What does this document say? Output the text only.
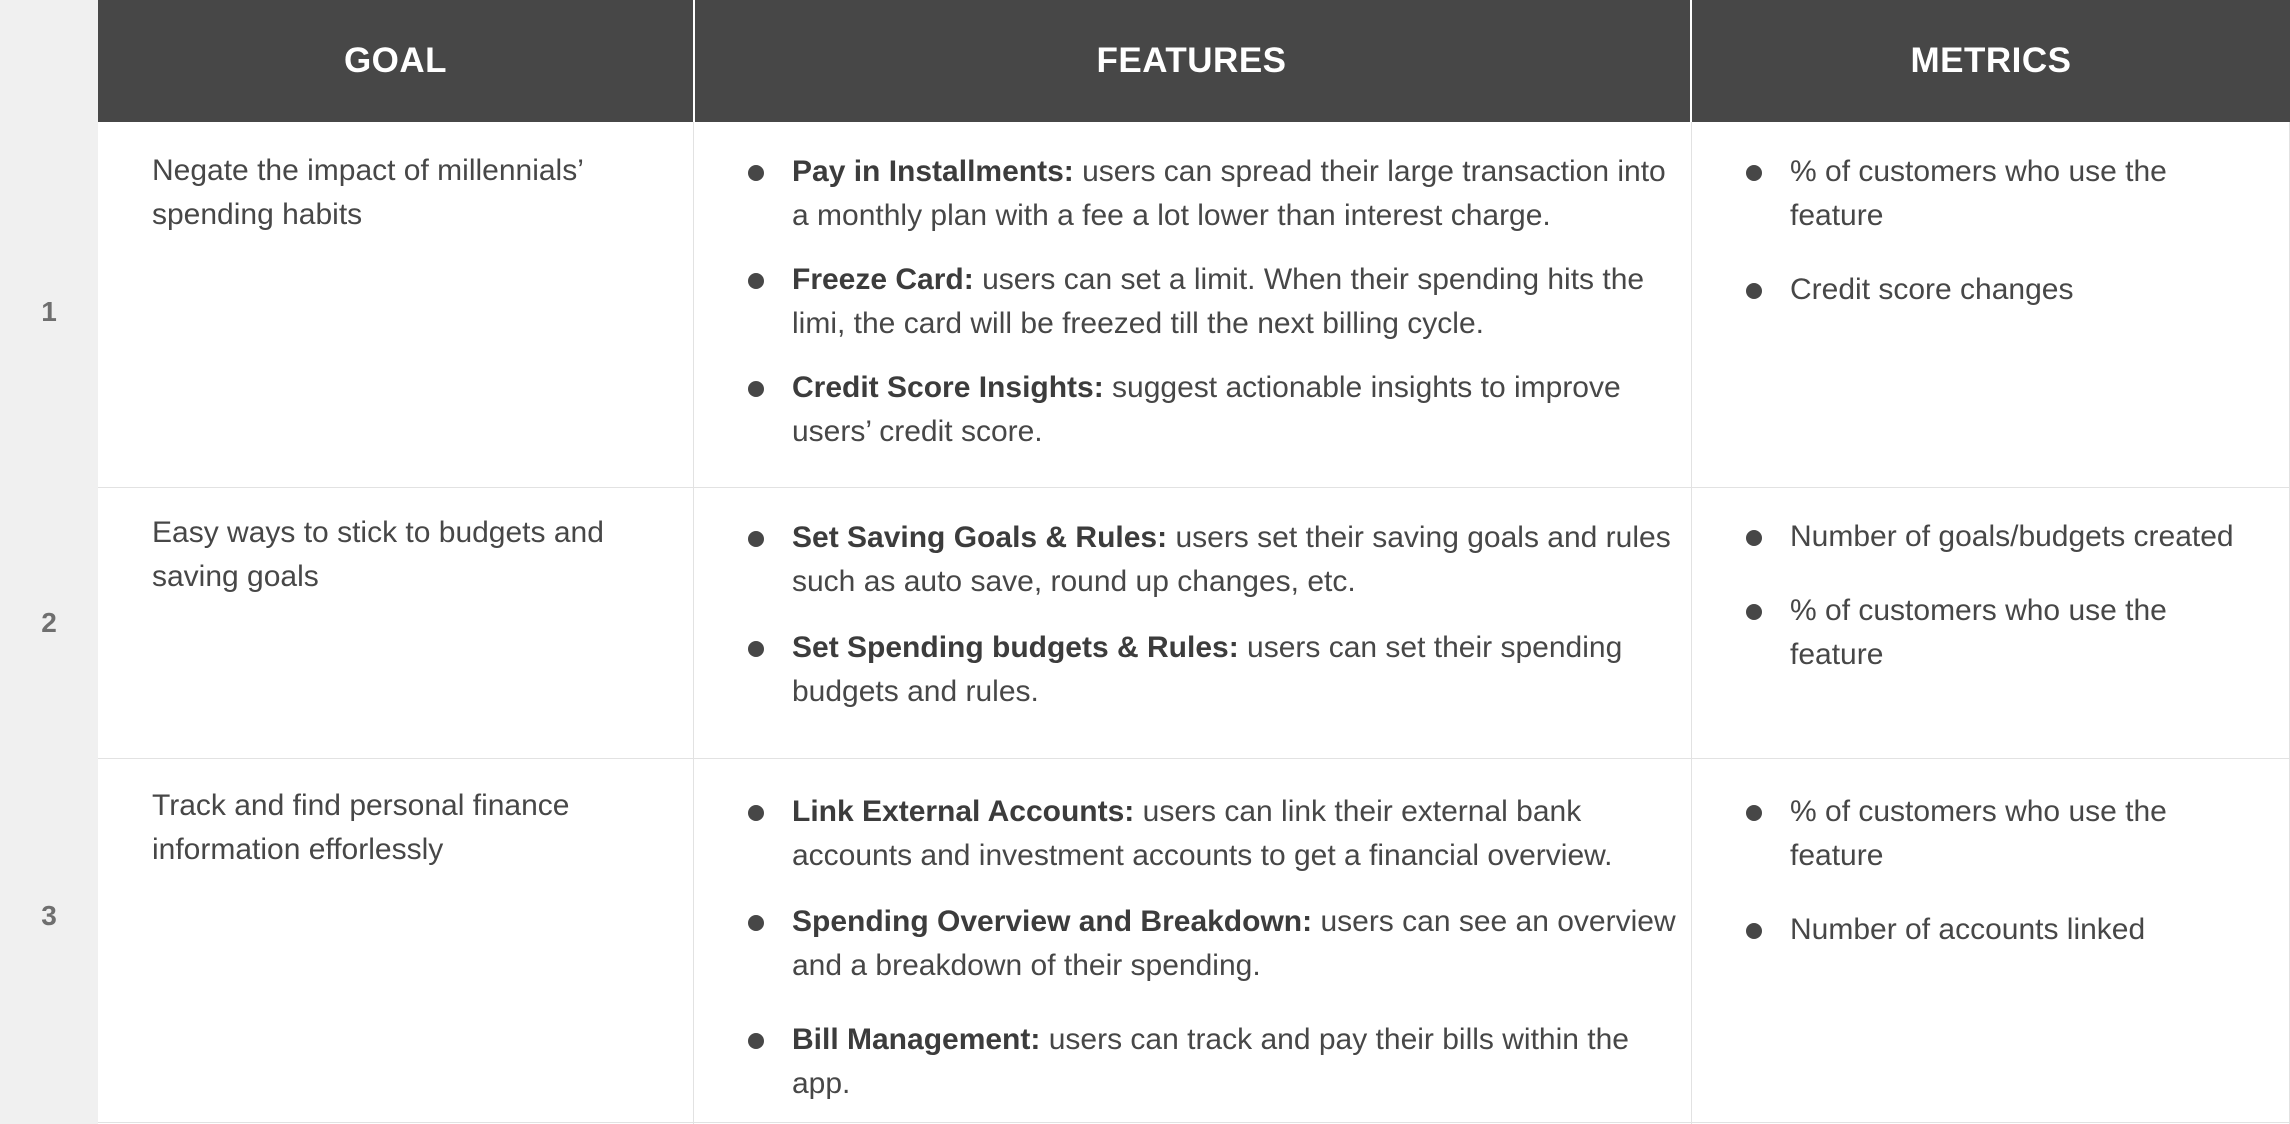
GOAL	FEATURES	METRICS
1
Negate the impact of millennials’ spending habits
Pay in Installments: users can spread their large transaction into a monthly plan with a fee a lot lower than interest charge.
Freeze Card: users can set a limit. When their spending hits the limi, the card will be freezed till the next billing cycle.
Credit Score Insights: suggest actionable insights to improve users’ credit score.
% of customers who use the feature
Credit score changes
2
Easy ways to stick to budgets and saving goals
Set Saving Goals & Rules: users set their saving goals and rules such as auto save, round up changes, etc.
Set Spending budgets & Rules: users can set their spending budgets and rules.
Number of goals/budgets created
% of customers who use the feature
3
Track and find personal finance information efforlessly
Link External Accounts: users can link their external bank accounts and investment accounts to get a financial overview.
Spending Overview and Breakdown: users can see an overview and a breakdown of their spending.
Bill Management: users can track and pay their bills within the app.
% of customers who use the feature
Number of accounts linked
